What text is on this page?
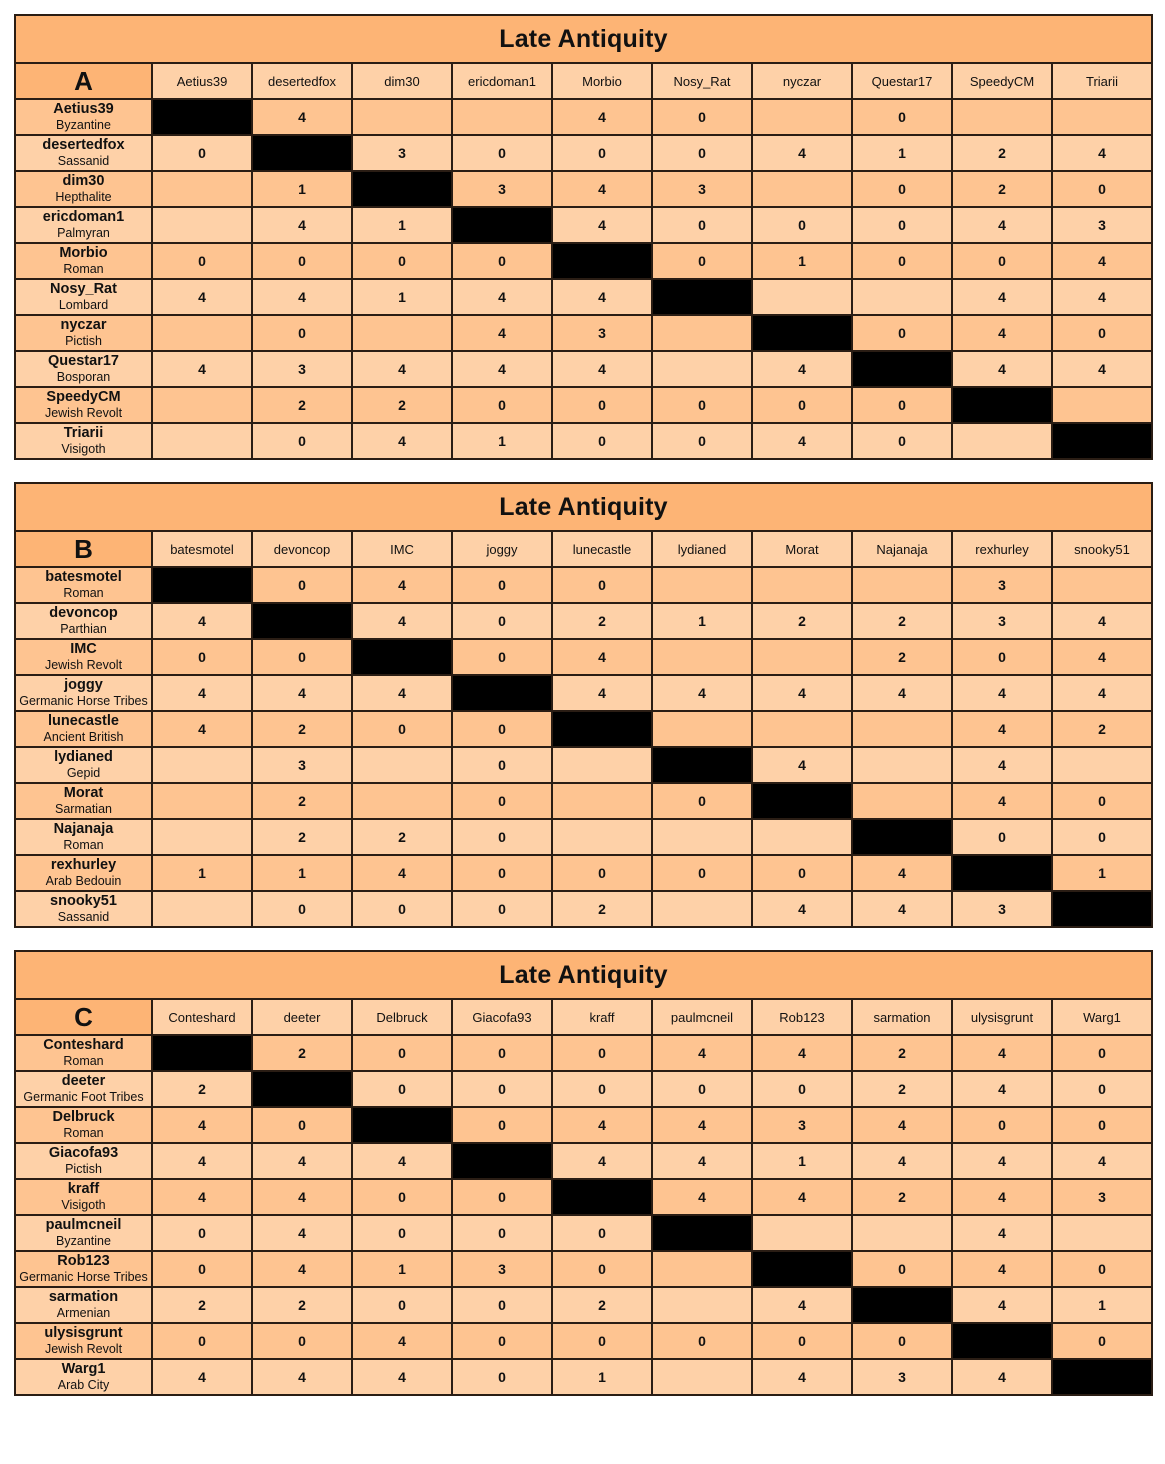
Late Antiquity										
A	Aetius39	desertedfox	dim30	ericdoman1	Morbio	Nosy_Rat	nyczar	Questar17	SpeedyCM	Triarii

Aetius39
Byzantine		4			4	0		0		

desertedfox
Sassanid	0		3	0	0	0	4	1	2	4

dim30
Hepthalite		1		3	4	3		0	2	0

ericdoman1
Palmyran		4	1		4	0	0	0	4	3

Morbio
Roman	0	0	0	0		0	1	0	0	4

Nosy_Rat
Lombard	4	4	1	4	4				4	4

nyczar
Pictish		0		4	3			0	4	0

Questar17
Bosporan	4	3	4	4	4		4		4	4

SpeedyCM
Jewish Revolt		2	2	0	0	0	0	0		

Triarii
Visigoth		0	4	1	0	0	4	0		
Late Antiquity										
B	batesmotel	devoncop	IMC	joggy	lunecastle	lydianed	Morat	Najanaja	rexhurley	snooky51

batesmotel
Roman		0	4	0	0				3	

devoncop
Parthian	4		4	0	2	1	2	2	3	4

IMC
Jewish Revolt	0	0		0	4			2	0	4

joggy
Germanic Horse Tribes	4	4	4		4	4	4	4	4	4

lunecastle
Ancient British	4	2	0	0					4	2

lydianed
Gepid		3		0			4		4	

Morat
Sarmatian		2		0		0			4	0

Najanaja
Roman		2	2	0					0	0

rexhurley
Arab Bedouin	1	1	4	0	0	0	0	4		1

snooky51
Sassanid		0	0	0	2		4	4	3	
Late Antiquity										
C	Conteshard	deeter	Delbruck	Giacofa93	kraff	paulmcneil	Rob123	sarmation	ulysisgrunt	Warg1

Conteshard
Roman		2	0	0	0	4	4	2	4	0

deeter
Germanic Foot Tribes	2		0	0	0	0	0	2	4	0

Delbruck
Roman	4	0		0	4	4	3	4	0	0

Giacofa93
Pictish	4	4	4		4	4	1	4	4	4

kraff
Visigoth	4	4	0	0		4	4	2	4	3

paulmcneil
Byzantine	0	4	0	0	0				4	

Rob123
Germanic Horse Tribes	0	4	1	3	0			0	4	0

sarmation
Armenian	2	2	0	0	2		4		4	1

ulysisgrunt
Jewish Revolt	0	0	4	0	0	0	0	0		0

Warg1
Arab City	4	4	4	0	1		4	3	4	
